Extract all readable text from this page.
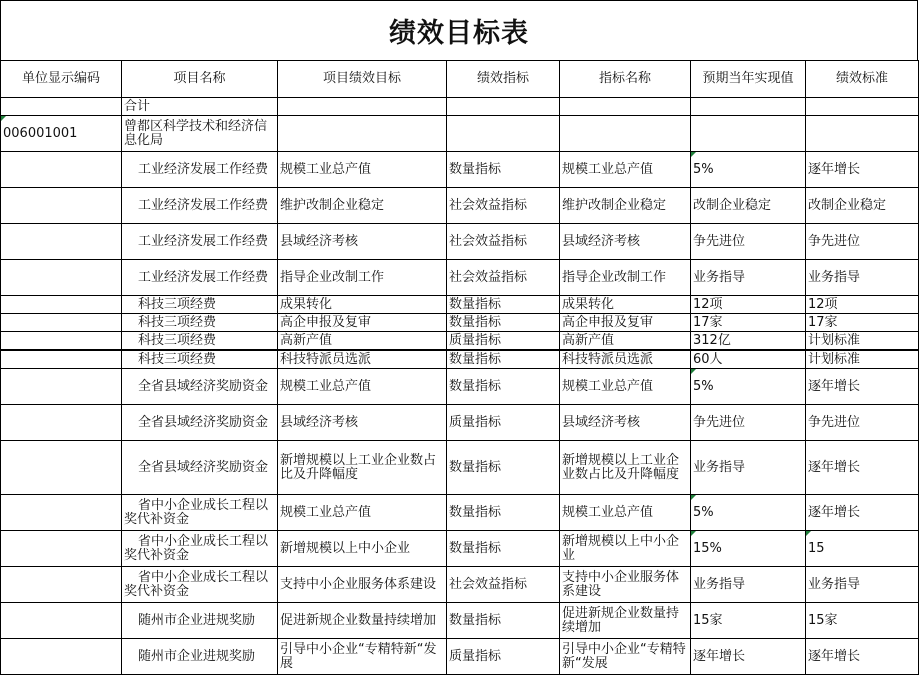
绩效目标表
单位显示编码	项目名称	项目绩效目标	绩效指标	指标名称	预期当年实现值	绩效标准
	合计					
006001001	曾都区科学技术和经济信息化局					
	工业经济发展工作经费	规模工业总产值	数量指标	规模工业总产值	5%	逐年增长
	工业经济发展工作经费	维护改制企业稳定	社会效益指标	维护改制企业稳定	改制企业稳定	改制企业稳定
	工业经济发展工作经费	县域经济考核	社会效益指标	县域经济考核	争先进位	争先进位
	工业经济发展工作经费	指导企业改制工作	社会效益指标	指导企业改制工作	业务指导	业务指导
	科技三项经费	成果转化	数量指标	成果转化	12项	12项
	科技三项经费	高企申报及复审	数量指标	高企申报及复审	17家	17家
	科技三项经费	高新产值	质量指标	高新产值	312亿	计划标准
	科技三项经费	科技特派员选派	数量指标	科技特派员选派	60人	计划标准
	全省县域经济奖励资金	规模工业总产值	数量指标	规模工业总产值	5%	逐年增长
	全省县域经济奖励资金	县域经济考核	质量指标	县域经济考核	争先进位	争先进位
	全省县域经济奖励资金	新增规模以上工业企业数占比及升降幅度	数量指标	新增规模以上工业企业数占比及升降幅度	业务指导	逐年增长
	省中小企业成长工程以奖代补资金	规模工业总产值	数量指标	规模工业总产值	5%	逐年增长
	省中小企业成长工程以奖代补资金	新增规模以上中小企业	数量指标	新增规模以上中小企业	15%	15
	省中小企业成长工程以奖代补资金	支持中小企业服务体系建设	社会效益指标	支持中小企业服务体系建设	业务指导	业务指导
	随州市企业进规奖励	促进新规企业数量持续增加	数量指标	促进新规企业数量持续增加	15家	15家
	随州市企业进规奖励	引导中小企业“专精特新“发展	质量指标	引导中小企业“专精特新“发展	逐年增长	逐年增长
